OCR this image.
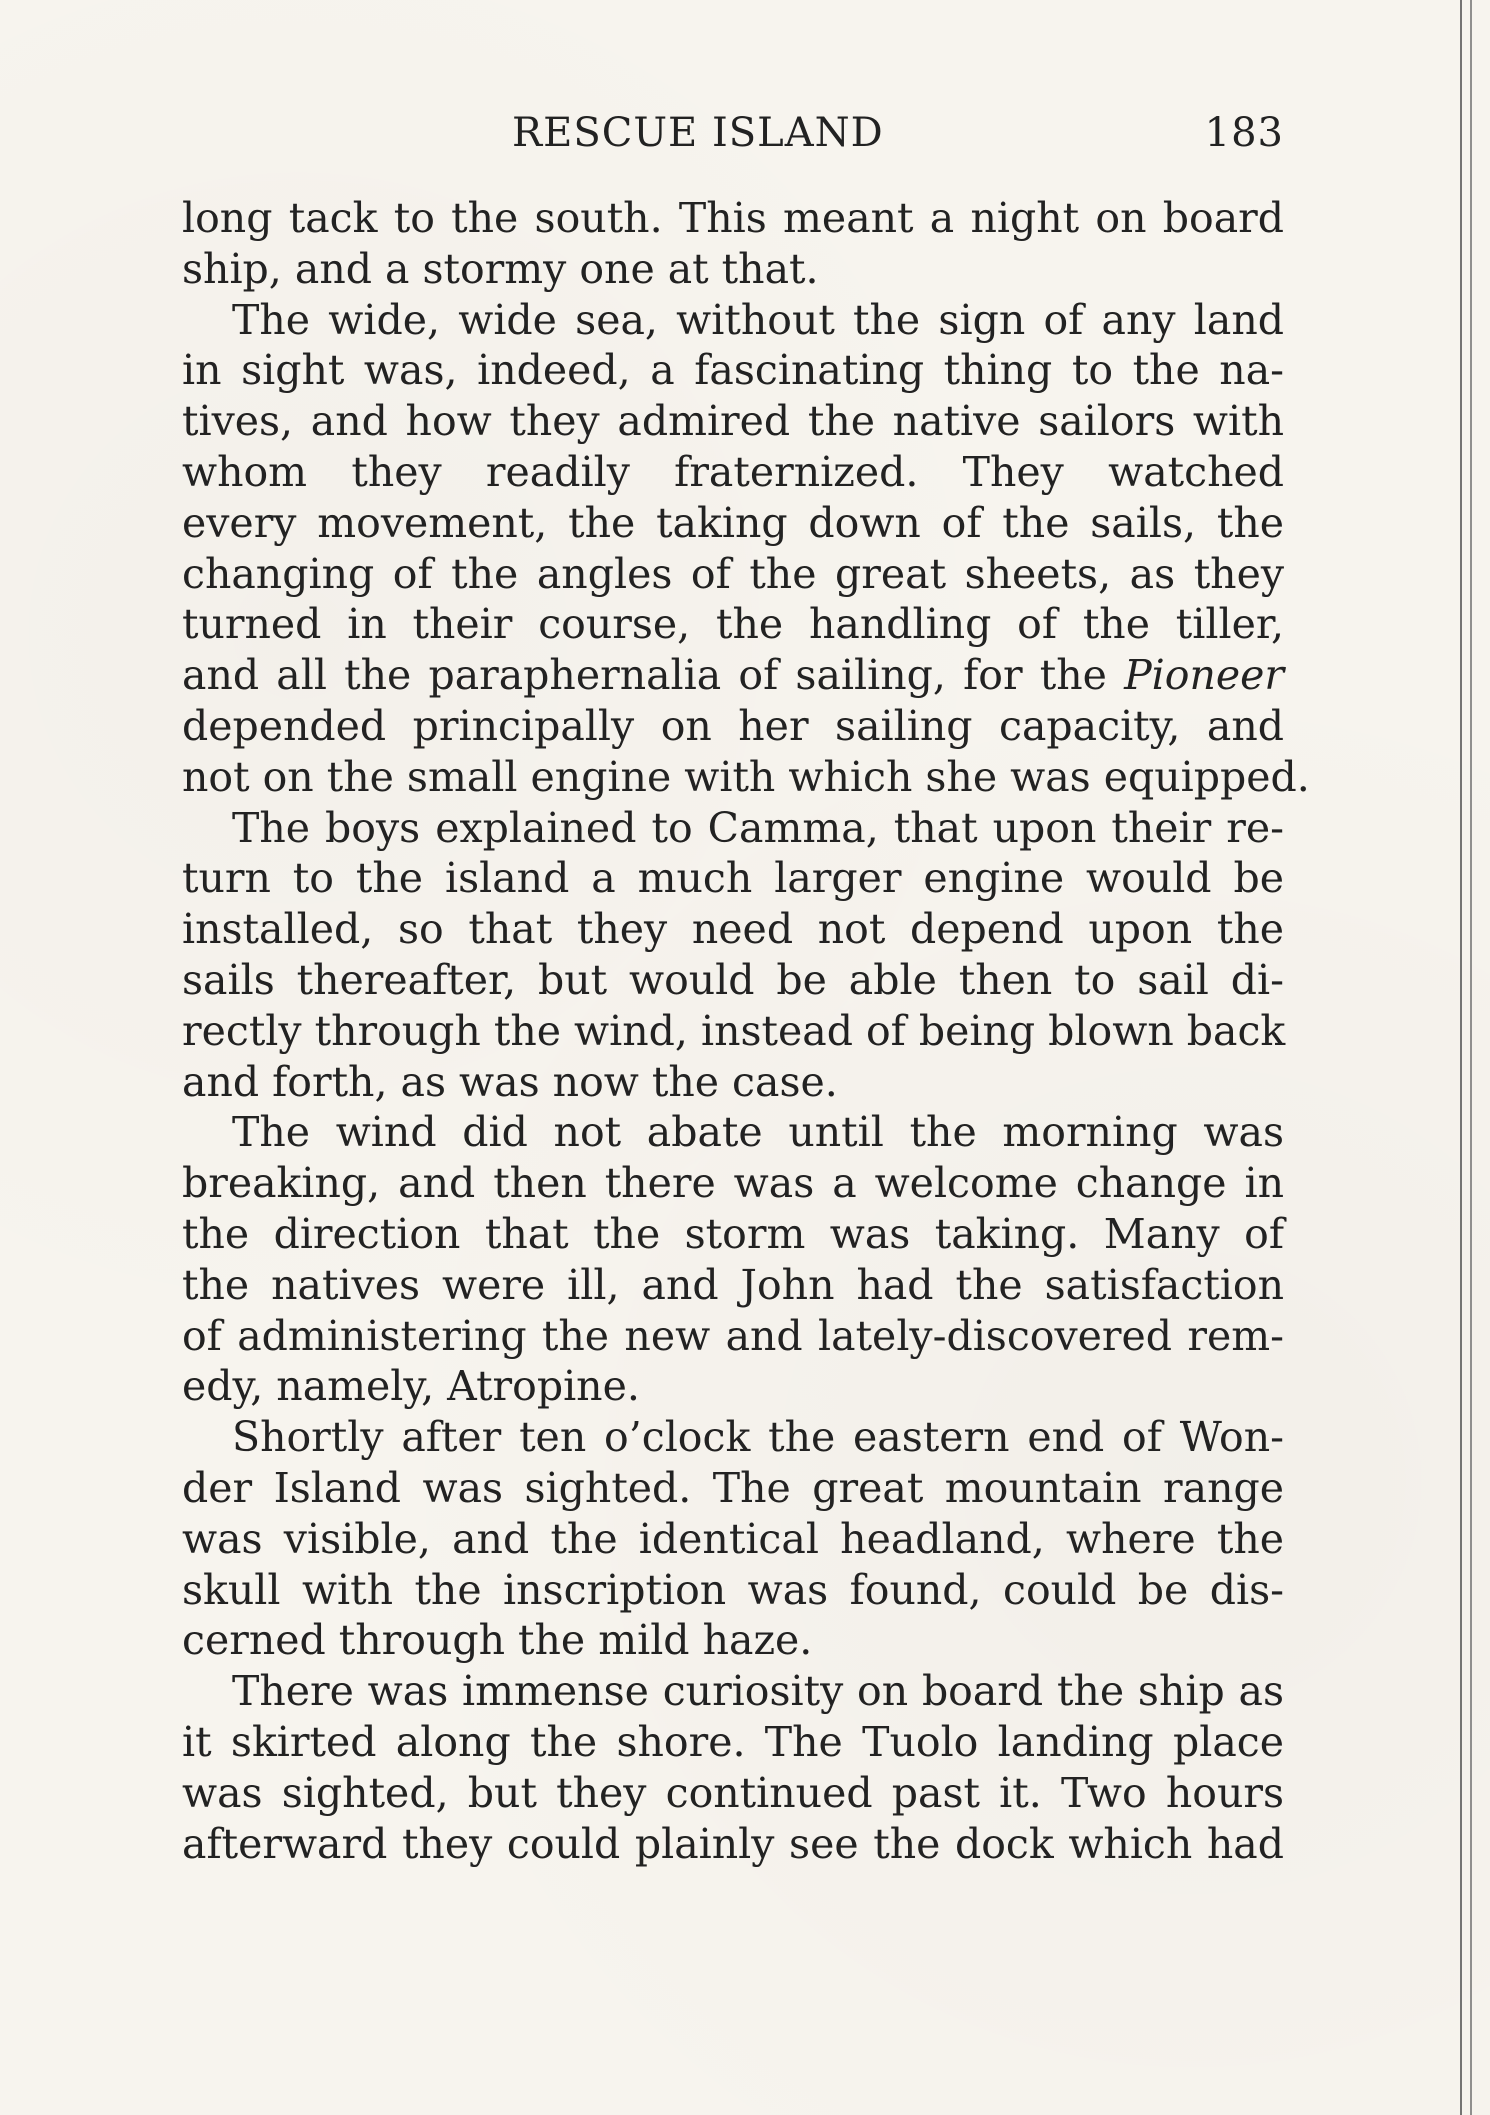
RESCUE ISLAND	183
long tack to the south. This meant a night on board
ship, and a stormy one at that.
The wide, wide sea, without the sign of any land
in sight was, indeed, a fascinating thing to the na-
tives, and how they admired the native sailors with
whom they readily fraternized. They watched
every movement, the taking down of the sails, the
changing of the angles of the great sheets, as they
turned in their course, the handling of the tiller,
and all the paraphernalia of sailing, for the Pioneer
depended principally on her sailing capacity, and
not on the small engine with which she was equipped.
The boys explained to Camma, that upon their re-
turn to the island a much larger engine would be
installed, so that they need not depend upon the
sails thereafter, but would be able then to sail di-
rectly through the wind, instead of being blown back
and forth, as was now the case.
The wind did not abate until the morning was
breaking, and then there was a welcome change in
the direction that the storm was taking. Many of
the natives were ill, and John had the satisfaction
of administering the new and lately-discovered rem-
edy, namely, Atropine.
Shortly after ten o’clock the eastern end of Won-
der Island was sighted. The great mountain range
was visible, and the identical headland, where the
skull with the inscription was found, could be dis-
cerned through the mild haze.
There was immense curiosity on board the ship as
it skirted along the shore. The Tuolo landing place
was sighted, but they continued past it. Two hours
afterward they could plainly see the dock which had
